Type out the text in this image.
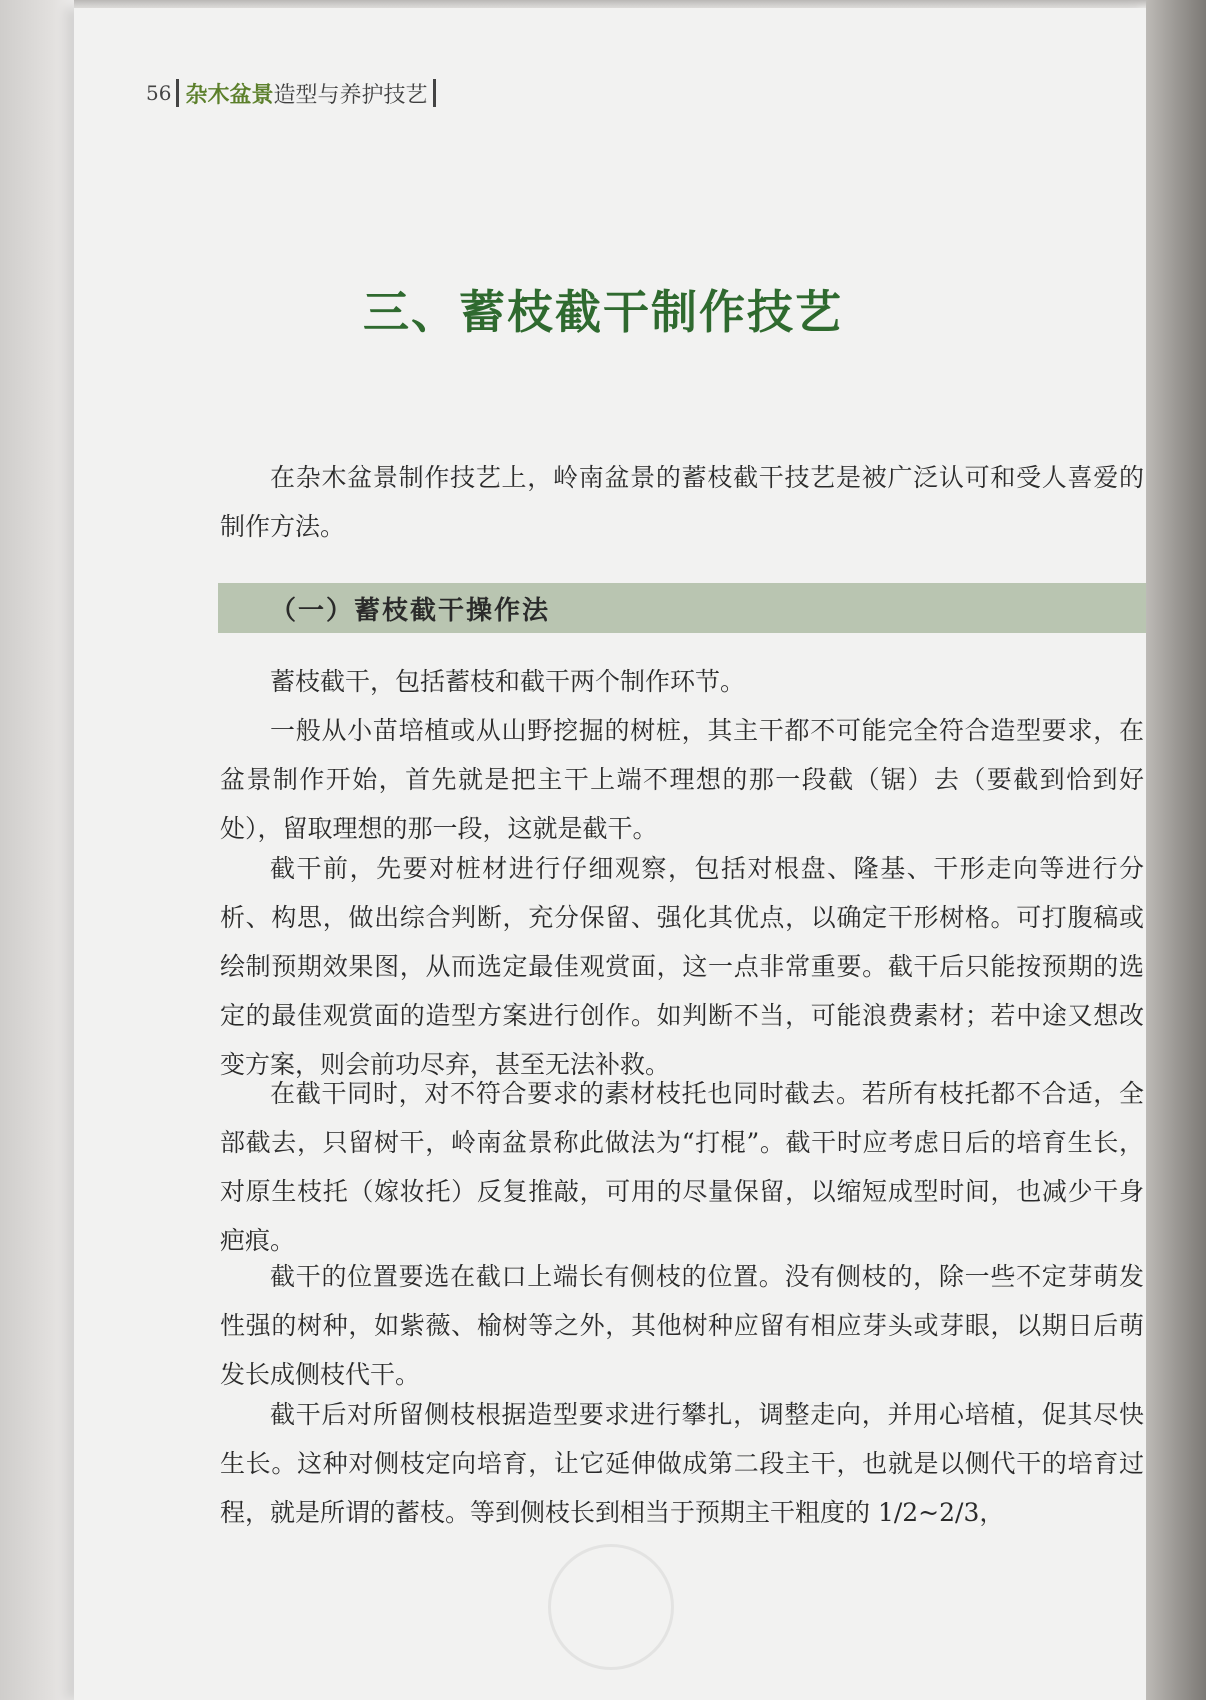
56 杂木盆景 造型与养护技艺
三、蓄枝截干制作技艺

在杂木盆景制作技艺上，岭南盆景的蓄枝截干技艺是被广泛认可和受人喜爱的制作方法。

（一）蓄枝截干操作法

蓄枝截干，包括蓄枝和截干两个制作环节。

一般从小苗培植或从山野挖掘的树桩，其主干都不可能完全符合造型要求，在盆景制作开始，首先就是把主干上端不理想的那一段截（锯）去（要截到恰到好处），留取理想的那一段，这就是截干。

截干前，先要对桩材进行仔细观察，包括对根盘、隆基、干形走向等进行分析、构思，做出综合判断，充分保留、强化其优点，以确定干形树格。可打腹稿或绘制预期效果图，从而选定最佳观赏面，这一点非常重要。截干后只能按预期的选定的最佳观赏面的造型方案进行创作。如判断不当，可能浪费素材；若中途又想改变方案，则会前功尽弃，甚至无法补救。

在截干同时，对不符合要求的素材枝托也同时截去。若所有枝托都不合适，全部截去，只留树干，岭南盆景称此做法为“打棍”。截干时应考虑日后的培育生长，对原生枝托（嫁妆托）反复推敲，可用的尽量保留，以缩短成型时间，也减少干身疤痕。

截干的位置要选在截口上端长有侧枝的位置。没有侧枝的，除一些不定芽萌发性强的树种，如紫薇、榆树等之外，其他树种应留有相应芽头或芽眼，以期日后萌发长成侧枝代干。

截干后对所留侧枝根据造型要求进行攀扎，调整走向，并用心培植，促其尽快生长。这种对侧枝定向培育，让它延伸做成第二段主干，也就是以侧代干的培育过程，就是所谓的蓄枝。等到侧枝长到相当于预期主干粗度的 1/2~2/3，
